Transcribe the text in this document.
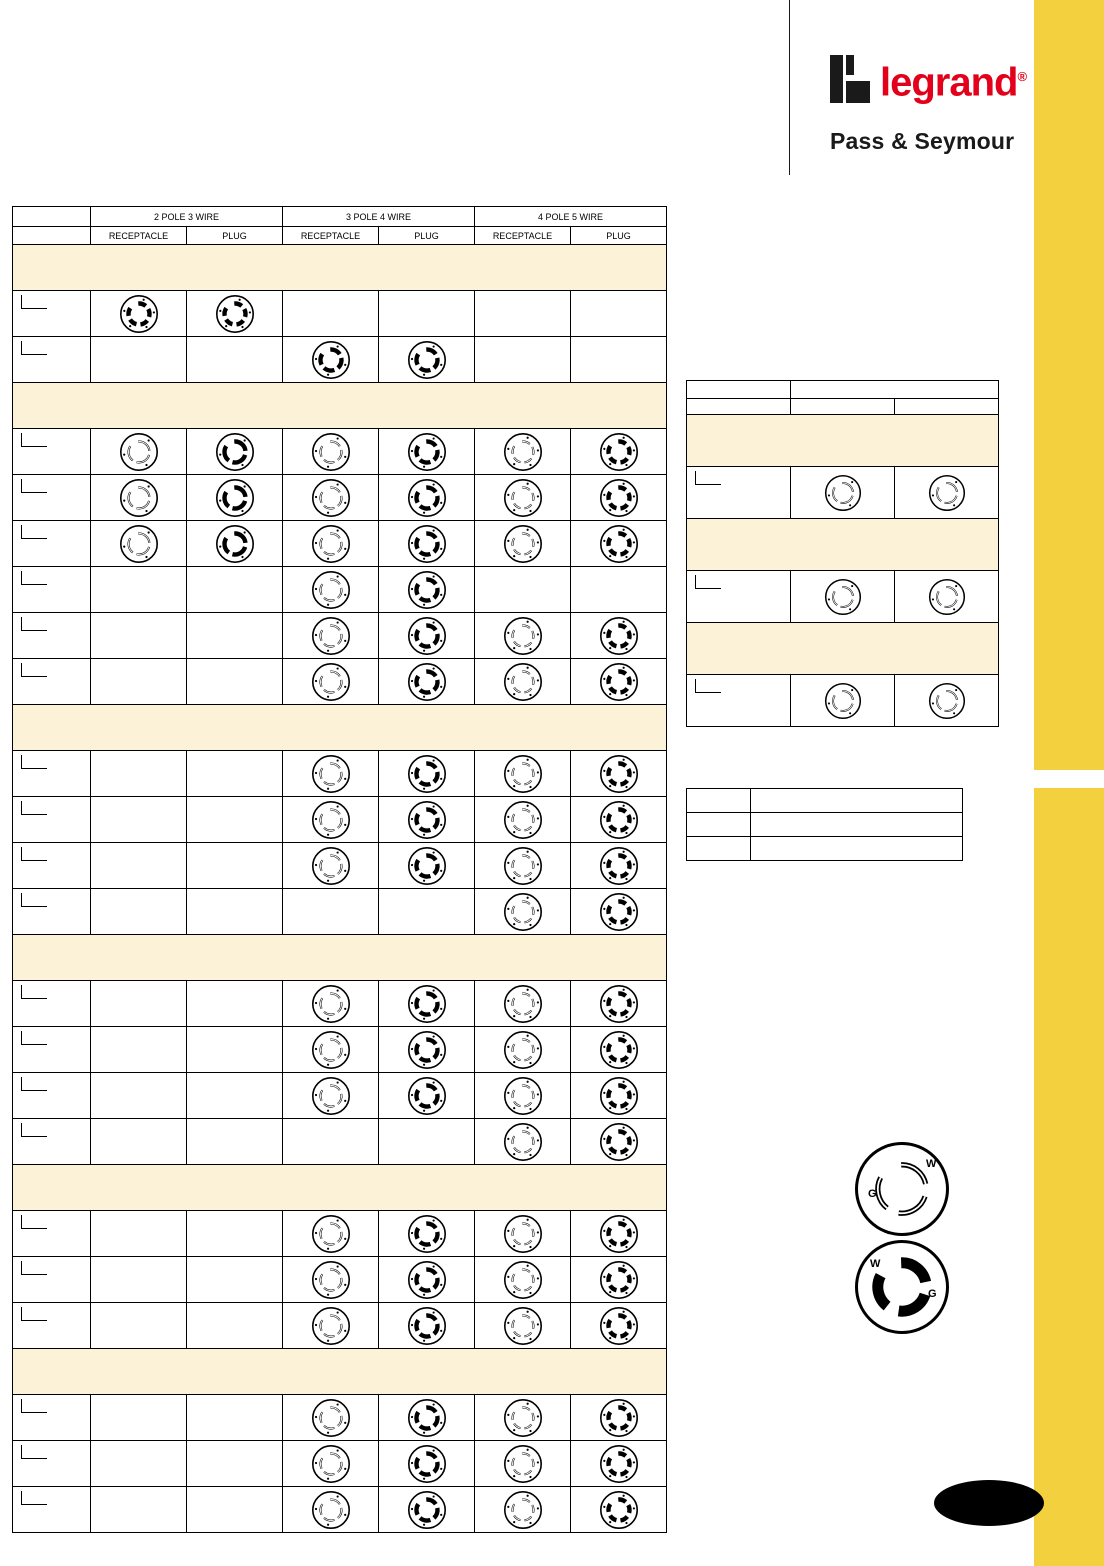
legrand®
Pass & Seymour
	2 POLE 3 WIRE		3 POLE 4 WIRE		4 POLE 5 WIRE	
	RECEPTACLE	PLUG	RECEPTACLE	PLUG	RECEPTACLE	PLUG

G
W
W
G
